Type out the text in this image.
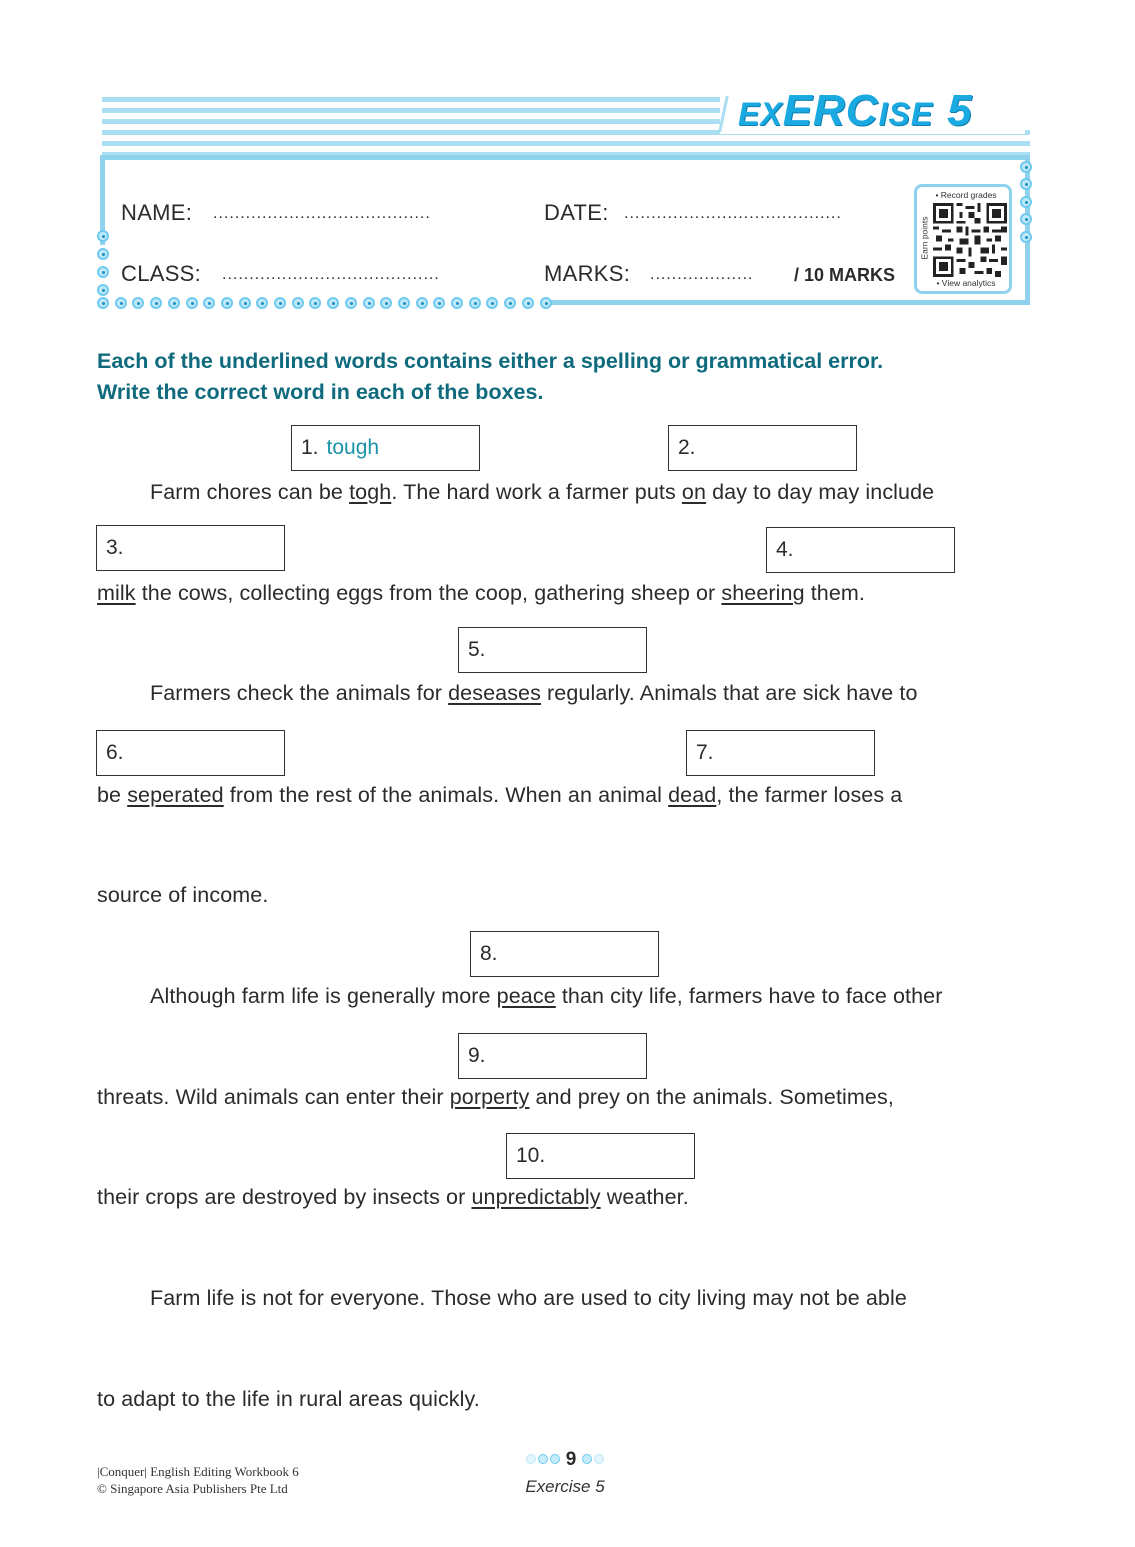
EXERCISE 5
NAME: ........................................	DATE: ........................................
CLASS: ........................................	MARKS: ...................	/ 10 MARKS
• Record grades
Earn points
• View analytics
Each of the underlined words contains either a spelling or grammatical error.
Write the correct word in each of the boxes.
1. tough	2.
3.	4.
5.
6.	7.
8.
9.
10.
Farm chores can be togh. The hard work a farmer puts on day to day may include
milk the cows, collecting eggs from the coop, gathering sheep or sheering them.
Farmers check the animals for deseases regularly. Animals that are sick have to
be seperated from the rest of the animals. When an animal dead, the farmer loses a
source of income.
Although farm life is generally more peace than city life, farmers have to face other
threats. Wild animals can enter their porperty and prey on the animals. Sometimes,
their crops are destroyed by insects or unpredictably weather.
Farm life is not for everyone. Those who are used to city living may not be able
to adapt to the life in rural areas quickly.
|Conquer| English Editing Workbook 6
© Singapore Asia Publishers Pte Ltd
9
Exercise 5
